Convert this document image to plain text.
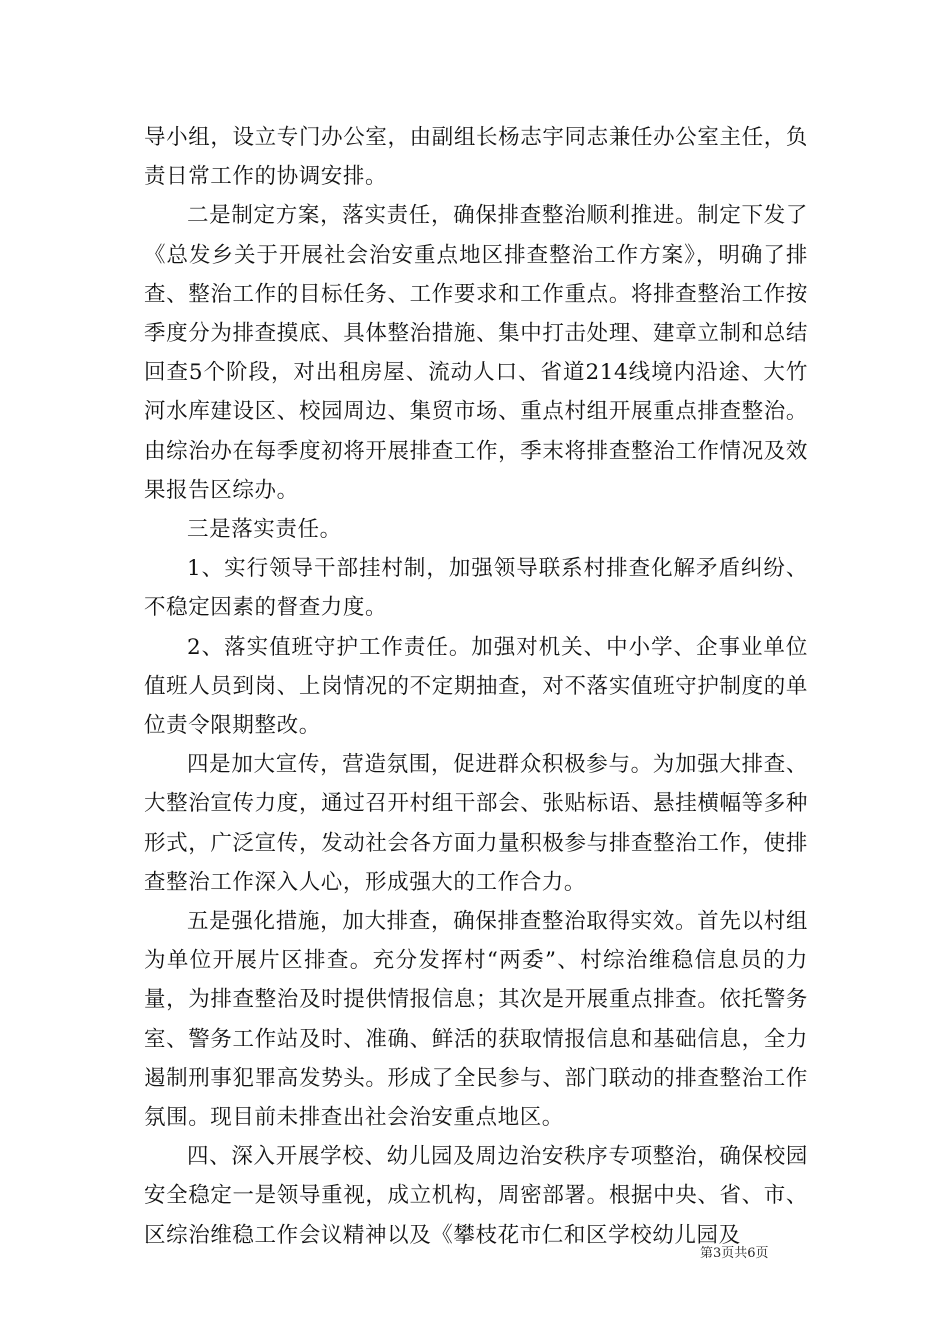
导小组，设立专门办公室，由副组长杨志宇同志兼任办公室主任，负责日常工作的协调安排。

二是制定方案，落实责任，确保排查整治顺利推进。制定下发了《总发乡关于开展社会治安重点地区排查整治工作方案》，明确了排查、整治工作的目标任务、工作要求和工作重点。将排查整治工作按季度分为排查摸底、具体整治措施、集中打击处理、建章立制和总结回查5个阶段，对出租房屋、流动人口、省道214线境内沿途、大竹河水库建设区、校园周边、集贸市场、重点村组开展重点排查整治。由综治办在每季度初将开展排查工作，季末将排查整治工作情况及效果报告区综办。

三是落实责任。

1、实行领导干部挂村制，加强领导联系村排查化解矛盾纠纷、不稳定因素的督查力度。

2、落实值班守护工作责任。加强对机关、中小学、企事业单位值班人员到岗、上岗情况的不定期抽查，对不落实值班守护制度的单位责令限期整改。

四是加大宣传，营造氛围，促进群众积极参与。为加强大排查、大整治宣传力度，通过召开村组干部会、张贴标语、悬挂横幅等多种形式，广泛宣传，发动社会各方面力量积极参与排查整治工作，使排查整治工作深入人心，形成强大的工作合力。

五是强化措施，加大排查，确保排查整治取得实效。首先以村组为单位开展片区排查。充分发挥村“两委”、村综治维稳信息员的力量，为排查整治及时提供情报信息；其次是开展重点排查。依托警务室、警务工作站及时、准确、鲜活的获取情报信息和基础信息，全力遏制刑事犯罪高发势头。形成了全民参与、部门联动的排查整治工作氛围。现目前未排查出社会治安重点地区。

四、深入开展学校、幼儿园及周边治安秩序专项整治，确保校园安全稳定一是领导重视，成立机构，周密部署。根据中央、省、市、区综治维稳工作会议精神以及《攀枝花市仁和区学校幼儿园及

第3页共6页
